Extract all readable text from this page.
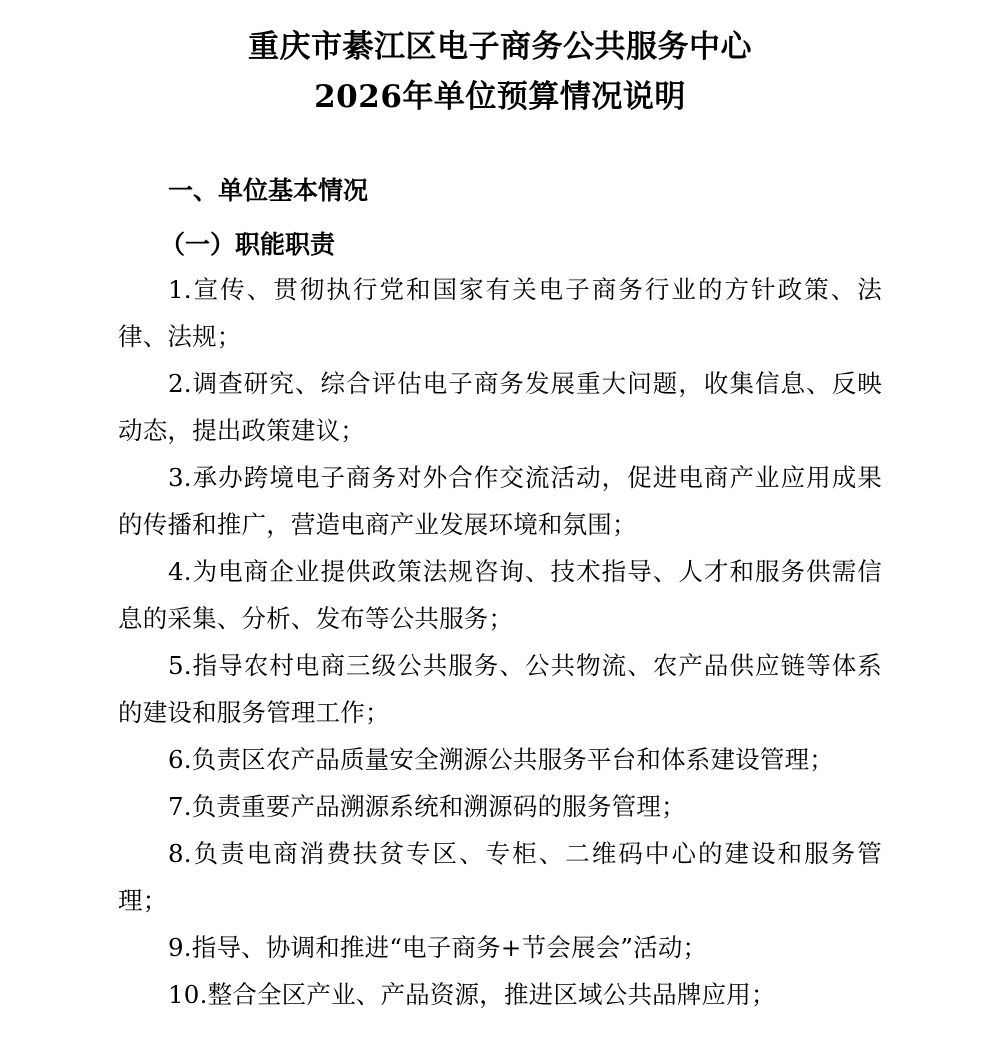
重庆市綦江区电子商务公共服务中心
2026年单位预算情况说明
一、单位基本情况
（一）职能职责

1.宣传、贯彻执行党和国家有关电子商务行业的方针政策、法律、法规；

2.调查研究、综合评估电子商务发展重大问题，收集信息、反映动态，提出政策建议；

3.承办跨境电子商务对外合作交流活动，促进电商产业应用成果的传播和推广，营造电商产业发展环境和氛围；

4.为电商企业提供政策法规咨询、技术指导、人才和服务供需信息的采集、分析、发布等公共服务；

5.指导农村电商三级公共服务、公共物流、农产品供应链等体系的建设和服务管理工作；

6.负责区农产品质量安全溯源公共服务平台和体系建设管理；

7.负责重要产品溯源系统和溯源码的服务管理；

8.负责电商消费扶贫专区、专柜、二维码中心的建设和服务管理；

9.指导、协调和推进“电子商务+节会展会”活动；

10.整合全区产业、产品资源，推进区域公共品牌应用；
